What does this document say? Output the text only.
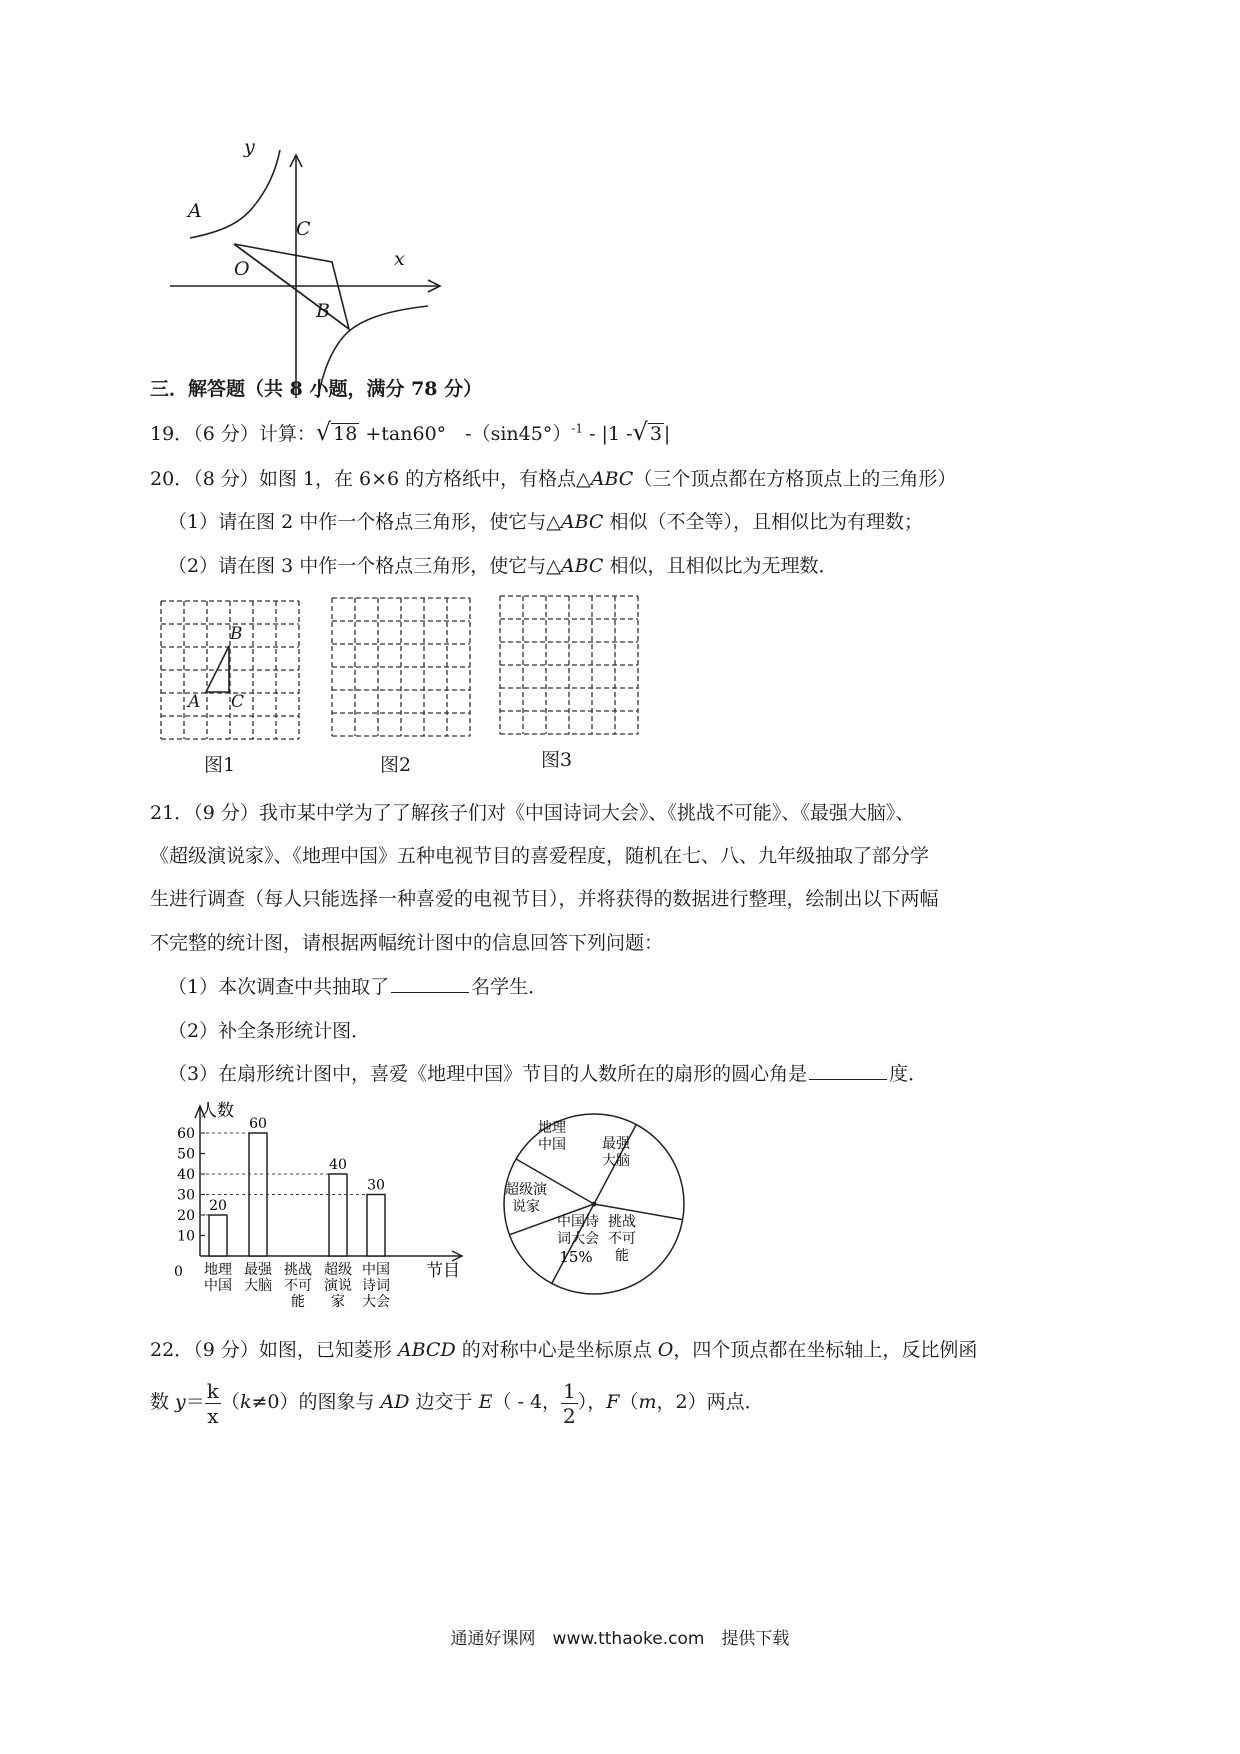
y
x
A
C
O
B
三．解答题（共 8 小题，满分 78 分）
19．（6 分）计算：√ 18 +tan60°　$-(\sin 45^\circ)^{-1} - |1$ -√ 3 |
20．（8 分）如图 1，在 6×6 的方格纸中，有格点△ABC（三个顶点都在方格顶点上的三角形）
（1）请在图 2 中作一个格点三角形，使它与△ABC 相似（不全等），且相似比为有理数；
（2）请在图 3 中作一个格点三角形，使它与△ABC 相似，且相似比为无理数．
B
A C
图1	图2	图3
21．（9 分）我市某中学为了了解孩子们对《中国诗词大会》、《挑战不可能》、《最强大脑》、
《超级演说家》、《地理中国》五种电视节目的喜爱程度，随机在七、八、九年级抽取了部分学
生进行调查（每人只能选择一种喜爱的电视节目），并将获得的数据进行整理，绘制出以下两幅
不完整的统计图，请根据两幅统计图中的信息回答下列问题：
（1）本次调查中共抽取了	名学生．
（2）补全条形统计图．
（3）在扇形统计图中，喜爱《地理中国》节目的人数所在的扇形的圆心角是	度．
10
20
30
40
50
60
0
人数
节目
20
地理
中国
60
最强
大脑
挑战
不可
能
40
超级
演说
家
30
中国
诗词
大会
地理
中国	最强
大脑
挑战
不可
能
中国诗
词大会
15%
超级演
说家
22．（9 分）如图，已知菱形 ABCD 的对称中心是坐标原点 O，四个顶点都在坐标轴上，反比例函
数 $y= \frac{k}{x} (k\ne 0)$的图象与 AD 边交于 E（ - 4， $\frac{1}{2}$ ），F（m，2）两点．
通通好课网　www.tthaoke.com　提供下载
